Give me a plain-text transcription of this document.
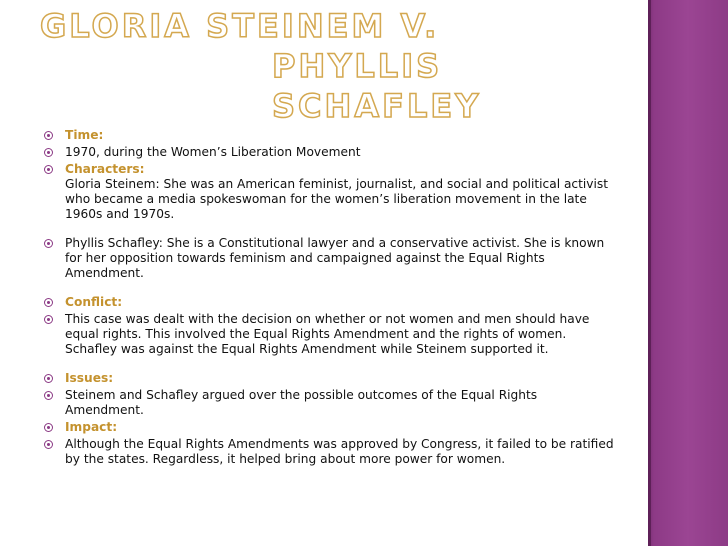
GLORIA STEINEM V.
PHYLLIS SCHAFLEY
Time:
1970, during the Women’s Liberation Movement
Characters:
Gloria Steinem: She was an American feminist, journalist, and social and political activist who became a media spokeswoman for the women’s liberation movement in the late 1960s and 1970s.
Phyllis Schafley: She is a Constitutional lawyer and a conservative activist. She is known for her opposition towards feminism and campaigned against the Equal Rights Amendment.
Conflict:
This case was dealt with the decision on whether or not women and men should have equal rights. This involved the Equal Rights Amendment and the rights of women. Schafley was against the Equal Rights Amendment while Steinem supported it.
Issues:
Steinem and Schafley argued over the possible outcomes of the Equal Rights Amendment.
Impact:
Although the Equal Rights Amendments was approved by Congress, it failed to be ratified by the states. Regardless, it helped bring about more power for women.
